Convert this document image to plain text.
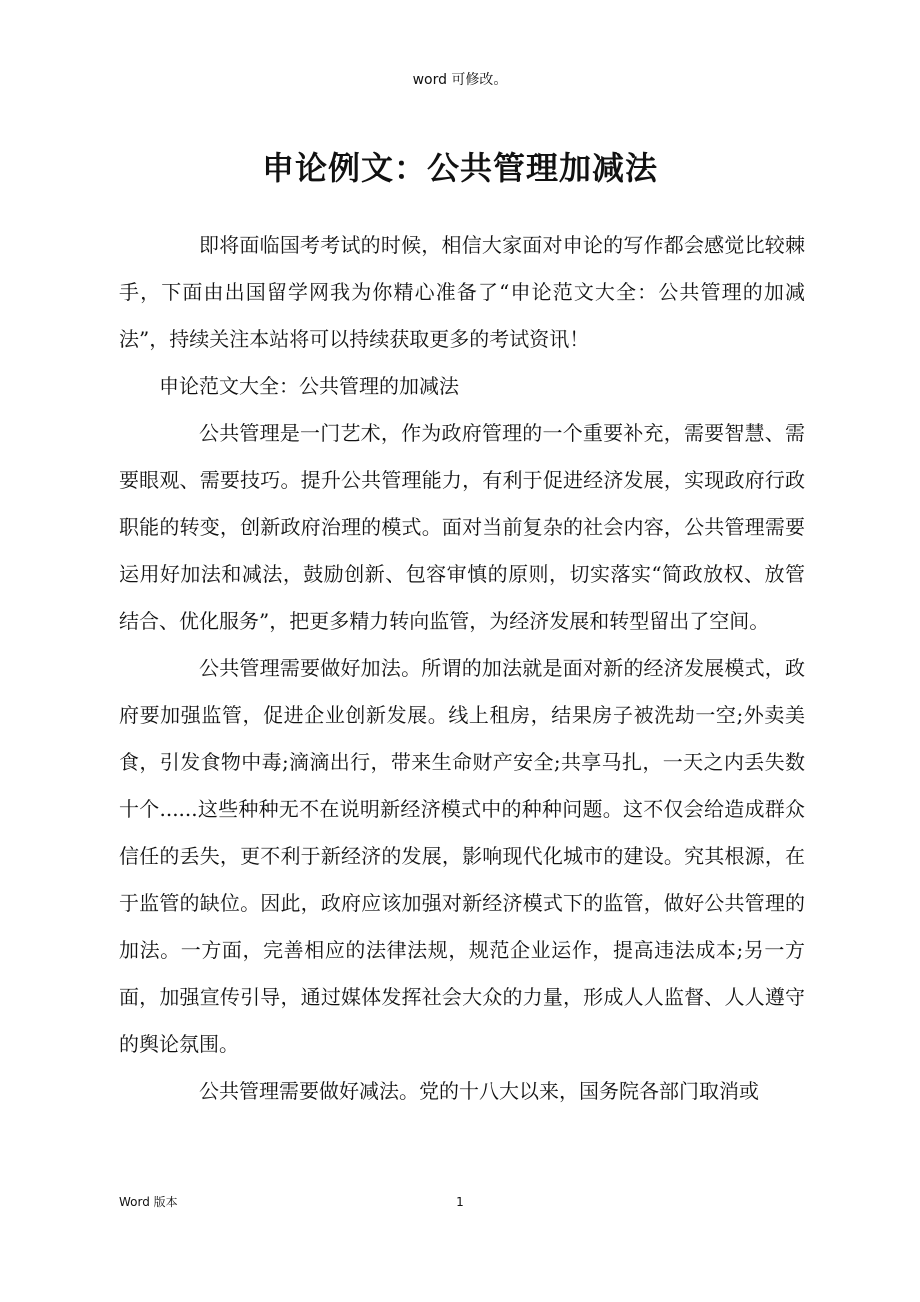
word 可修改。
申论例文：公共管理加减法

即将面临国考考试的时候，相信大家面对申论的写作都会感觉比较棘手，下面由出国留学网我为你精心准备了“申论范文大全：公共管理的加减法”，持续关注本站将可以持续获取更多的考试资讯！

申论范文大全：公共管理的加减法

公共管理是一门艺术，作为政府管理的一个重要补充，需要智慧、需要眼观、需要技巧。提升公共管理能力，有利于促进经济发展，实现政府行政职能的转变，创新政府治理的模式。面对当前复杂的社会内容，公共管理需要运用好加法和减法，鼓励创新、包容审慎的原则，切实落实“简政放权、放管结合、优化服务”，把更多精力转向监管，为经济发展和转型留出了空间。

公共管理需要做好加法。所谓的加法就是面对新的经济发展模式，政府要加强监管，促进企业创新发展。线上租房，结果房子被洗劫一空;外卖美食，引发食物中毒;滴滴出行，带来生命财产安全;共享马扎，一天之内丢失数十个......这些种种无不在说明新经济模式中的种种问题。这不仅会给造成群众信任的丢失，更不利于新经济的发展，影响现代化城市的建设。究其根源，在于监管的缺位。因此，政府应该加强对新经济模式下的监管，做好公共管理的加法。一方面，完善相应的法律法规，规范企业运作，提高违法成本;另一方面，加强宣传引导，通过媒体发挥社会大众的力量，形成人人监督、人人遵守的舆论氛围。

公共管理需要做好减法。党的十八大以来，国务院各部门取消或

Word 版本	1
